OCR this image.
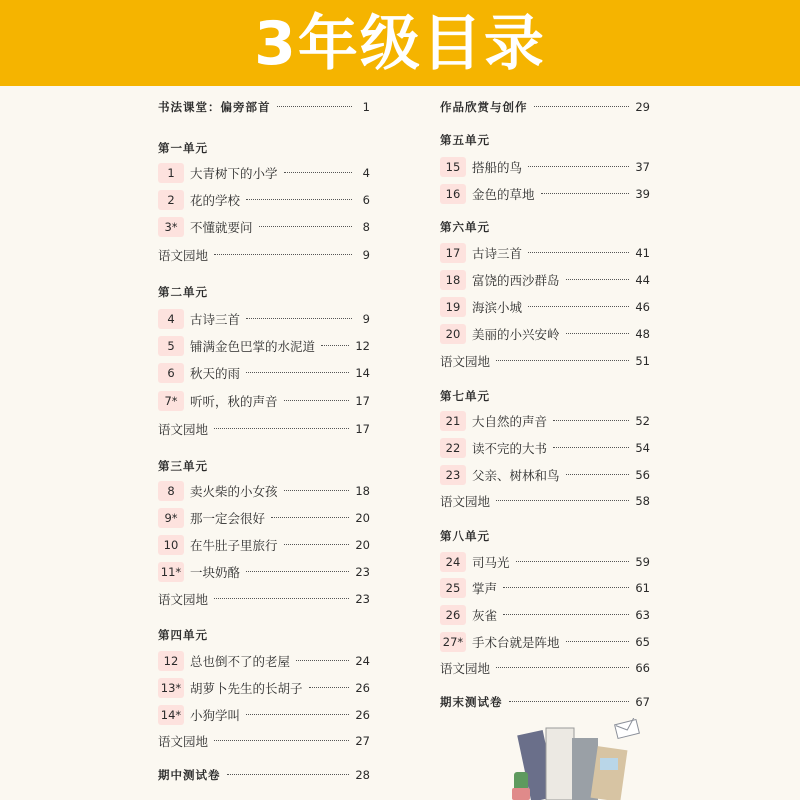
3年级目录
书法课堂：偏旁部首	1
第一单元
1	大青树下的小学	4
2	花的学校	6
3* 不懂就要问	8
语文园地	9
第二单元
4	古诗三首	9
5	铺满金色巴掌的水泥道	12
6	秋天的雨	14
7* 听听，秋的声音	17
语文园地	17
第三单元
8	卖火柴的小女孩	18
9* 那一定会很好	20
10 在牛肚子里旅行	20
11* 一块奶酪	23
语文园地	23
第四单元
12 总也倒不了的老屋	24
13* 胡萝卜先生的长胡子	26
14* 小狗学叫	26
语文园地	27
期中测试卷	28
作品欣赏与创作	29
第五单元
15 搭船的鸟	37
16 金色的草地	39
第六单元
17 古诗三首	41
18 富饶的西沙群岛	44
19 海滨小城	46
20 美丽的小兴安岭	48
语文园地	51
第七单元
21 大自然的声音	52
22 读不完的大书	54
23 父亲、树林和鸟	56
语文园地	58
第八单元
24 司马光	59
25 掌声	61
26 灰雀	63
27* 手术台就是阵地	65
语文园地	66
期末测试卷	67
